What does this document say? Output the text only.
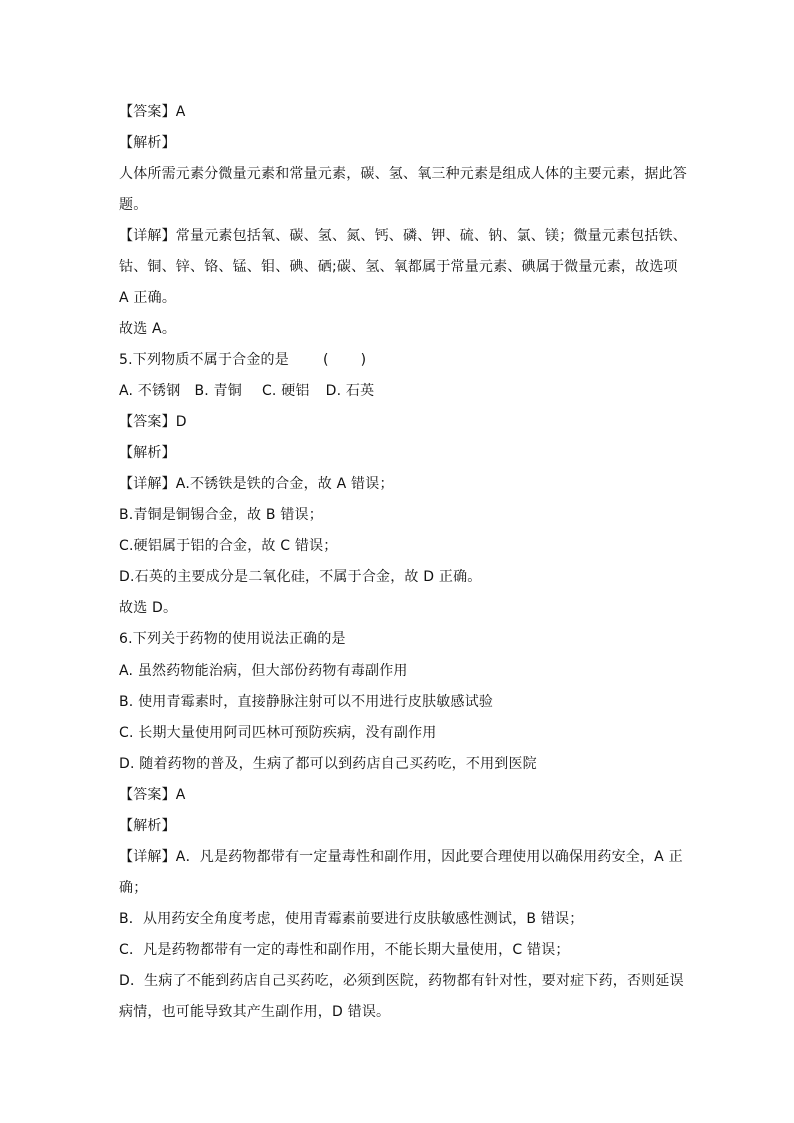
【答案】A
【解析】
人体所需元素分微量元素和常量元素，碳、氢、氧三种元素是组成人体的主要元素，据此答
题。
【详解】常量元素包括氧、碳、氢、氮、钙、磷、钾、硫、钠、氯、镁；微量元素包括铁、
钴、铜、锌、铬、锰、钼、碘、硒;碳、氢、氧都属于常量元素、碘属于微量元素，故选项
A 正确。
故选 A。
5.下列物质不属于合金的是 ( )
A. 不锈钢 B. 青铜 C. 硬铝 D. 石英
【答案】D
【解析】
【详解】A.不锈铁是铁的合金，故 A 错误；
B.青铜是铜锡合金，故 B 错误；
C.硬铝属于铝的合金，故 C 错误；
D.石英的主要成分是二氧化硅，不属于合金，故 D 正确。
故选 D。
6.下列关于药物的使用说法正确的是
A. 虽然药物能治病，但大部份药物有毒副作用
B. 使用青霉素时，直接静脉注射可以不用进行皮肤敏感试验
C. 长期大量使用阿司匹林可预防疾病，没有副作用
D. 随着药物的普及，生病了都可以到药店自己买药吃，不用到医院
【答案】A
【解析】
【详解】A．凡是药物都带有一定量毒性和副作用，因此要合理使用以确保用药安全，A 正
确；
B．从用药安全角度考虑，使用青霉素前要进行皮肤敏感性测试，B 错误；
C．凡是药物都带有一定的毒性和副作用，不能长期大量使用，C 错误；
D．生病了不能到药店自己买药吃，必须到医院，药物都有针对性，要对症下药，否则延误
病情，也可能导致其产生副作用，D 错误。
